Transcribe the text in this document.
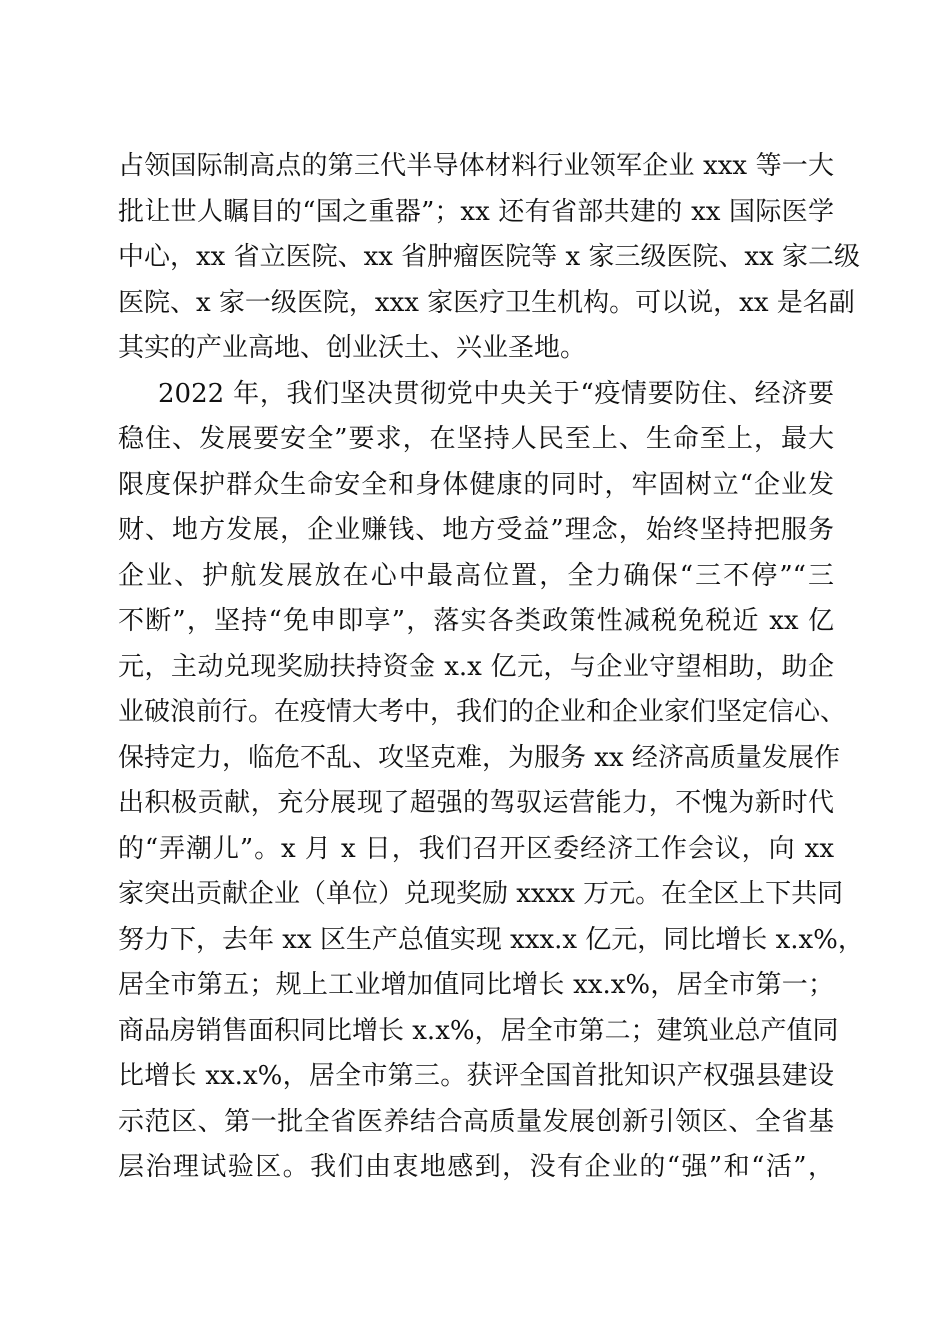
占领国际制高点的第三代半导体材料行业领军企业 xxx 等一大
批让世人瞩目的“国之重器”；xx 还有省部共建的 xx 国际医学
中心，xx 省立医院、xx 省肿瘤医院等 x 家三级医院、xx 家二级
医院、x 家一级医院，xxx 家医疗卫生机构。可以说，xx 是名副
其实的产业高地、创业沃土、兴业圣地。
2022 年，我们坚决贯彻党中央关于“疫情要防住、经济要
稳住、发展要安全”要求，在坚持人民至上、生命至上，最大
限度保护群众生命安全和身体健康的同时，牢固树立“企业发
财、地方发展，企业赚钱、地方受益”理念，始终坚持把服务
企业、护航发展放在心中最高位置，全力确保“三不停”“三
不断”，坚持“免申即享”，落实各类政策性减税免税近 xx 亿
元，主动兑现奖励扶持资金 x.x 亿元，与企业守望相助，助企
业破浪前行。在疫情大考中，我们的企业和企业家们坚定信心、
保持定力，临危不乱、攻坚克难，为服务 xx 经济高质量发展作
出积极贡献，充分展现了超强的驾驭运营能力，不愧为新时代
的“弄潮儿”。x 月 x 日，我们召开区委经济工作会议，向 xx
家突出贡献企业（单位）兑现奖励 xxxx 万元。在全区上下共同
努力下，去年 xx 区生产总值实现 xxx.x 亿元，同比增长 x.x%，
居全市第五；规上工业增加值同比增长 xx.x%，居全市第一；
商品房销售面积同比增长 x.x%，居全市第二；建筑业总产值同
比增长 xx.x%，居全市第三。获评全国首批知识产权强县建设
示范区、第一批全省医养结合高质量发展创新引领区、全省基
层治理试验区。我们由衷地感到，没有企业的“强”和“活”，
